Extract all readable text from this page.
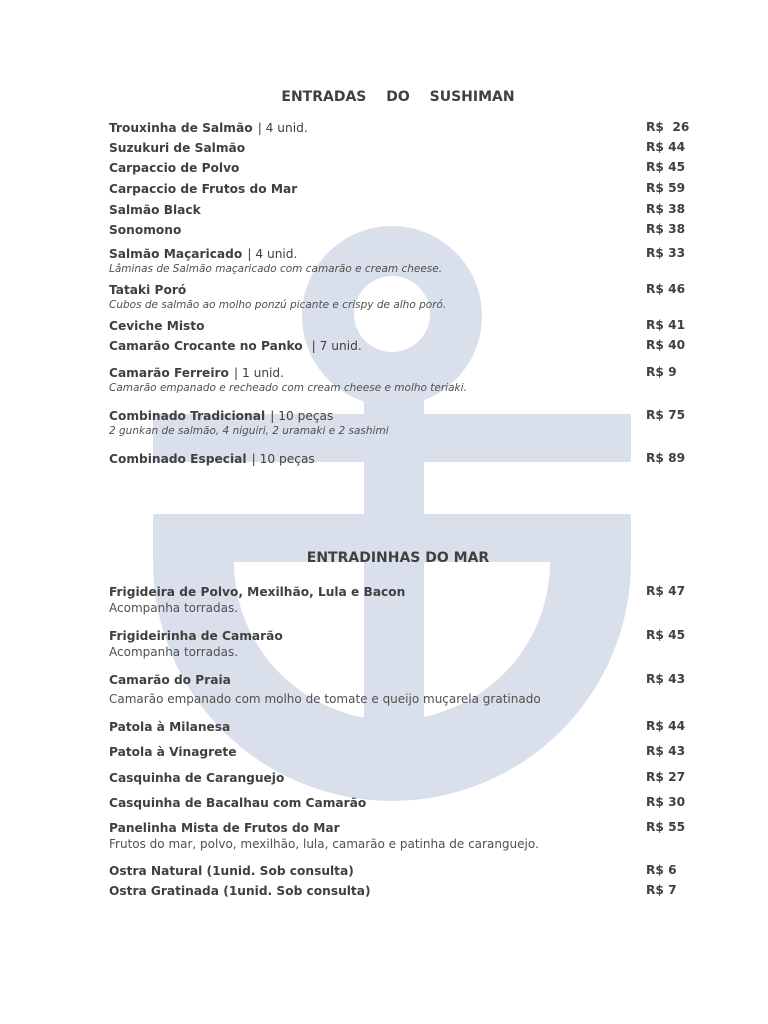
ENTRADAS DO SUSHIMAN
ENTRADINHAS DO MAR
Trouxinha de Salmão | 4 unid.	R$  26
Suzukuri de Salmão	R$ 44
Carpaccio de Polvo	R$ 45
Carpaccio de Frutos do Mar	R$ 59
Salmão Black	R$ 38
Sonomono	R$ 38
Salmão Maçaricado | 4 unid.	R$ 33
Lâminas de Salmão maçaricado com camarão e cream cheese.
Tataki Poró	R$ 46
Cubos de salmão ao molho ponzú picante e crispy de alho poró.
Ceviche Misto	R$ 41
Camarão Crocante no Panko  | 7 unid.	R$ 40
Camarão Ferreiro | 1 unid.	R$ 9
Camarão empanado e recheado com cream cheese e molho teriaki.
Combinado Tradicional | 10 peças	R$ 75
2 gunkan de salmão, 4 niguiri, 2 uramaki e 2 sashimi
Combinado Especial | 10 peças	R$ 89
Frigideira de Polvo, Mexilhão, Lula e Bacon	R$ 47
Acompanha torradas.
Frigideirinha de Camarão	R$ 45
Acompanha torradas.
Camarão do Praia	R$ 43
Camarão empanado com molho de tomate e queijo muçarela gratinado
Patola à Milanesa	R$ 44
Patola à Vinagrete	R$ 43
Casquinha de Caranguejo	R$ 27
Casquinha de Bacalhau com Camarão	R$ 30
Panelinha Mista de Frutos do Mar	R$ 55
Frutos do mar, polvo, mexilhão, lula, camarão e patinha de caranguejo.
Ostra Natural (1unid. Sob consulta)	R$ 6
Ostra Gratinada (1unid. Sob consulta)	R$ 7
